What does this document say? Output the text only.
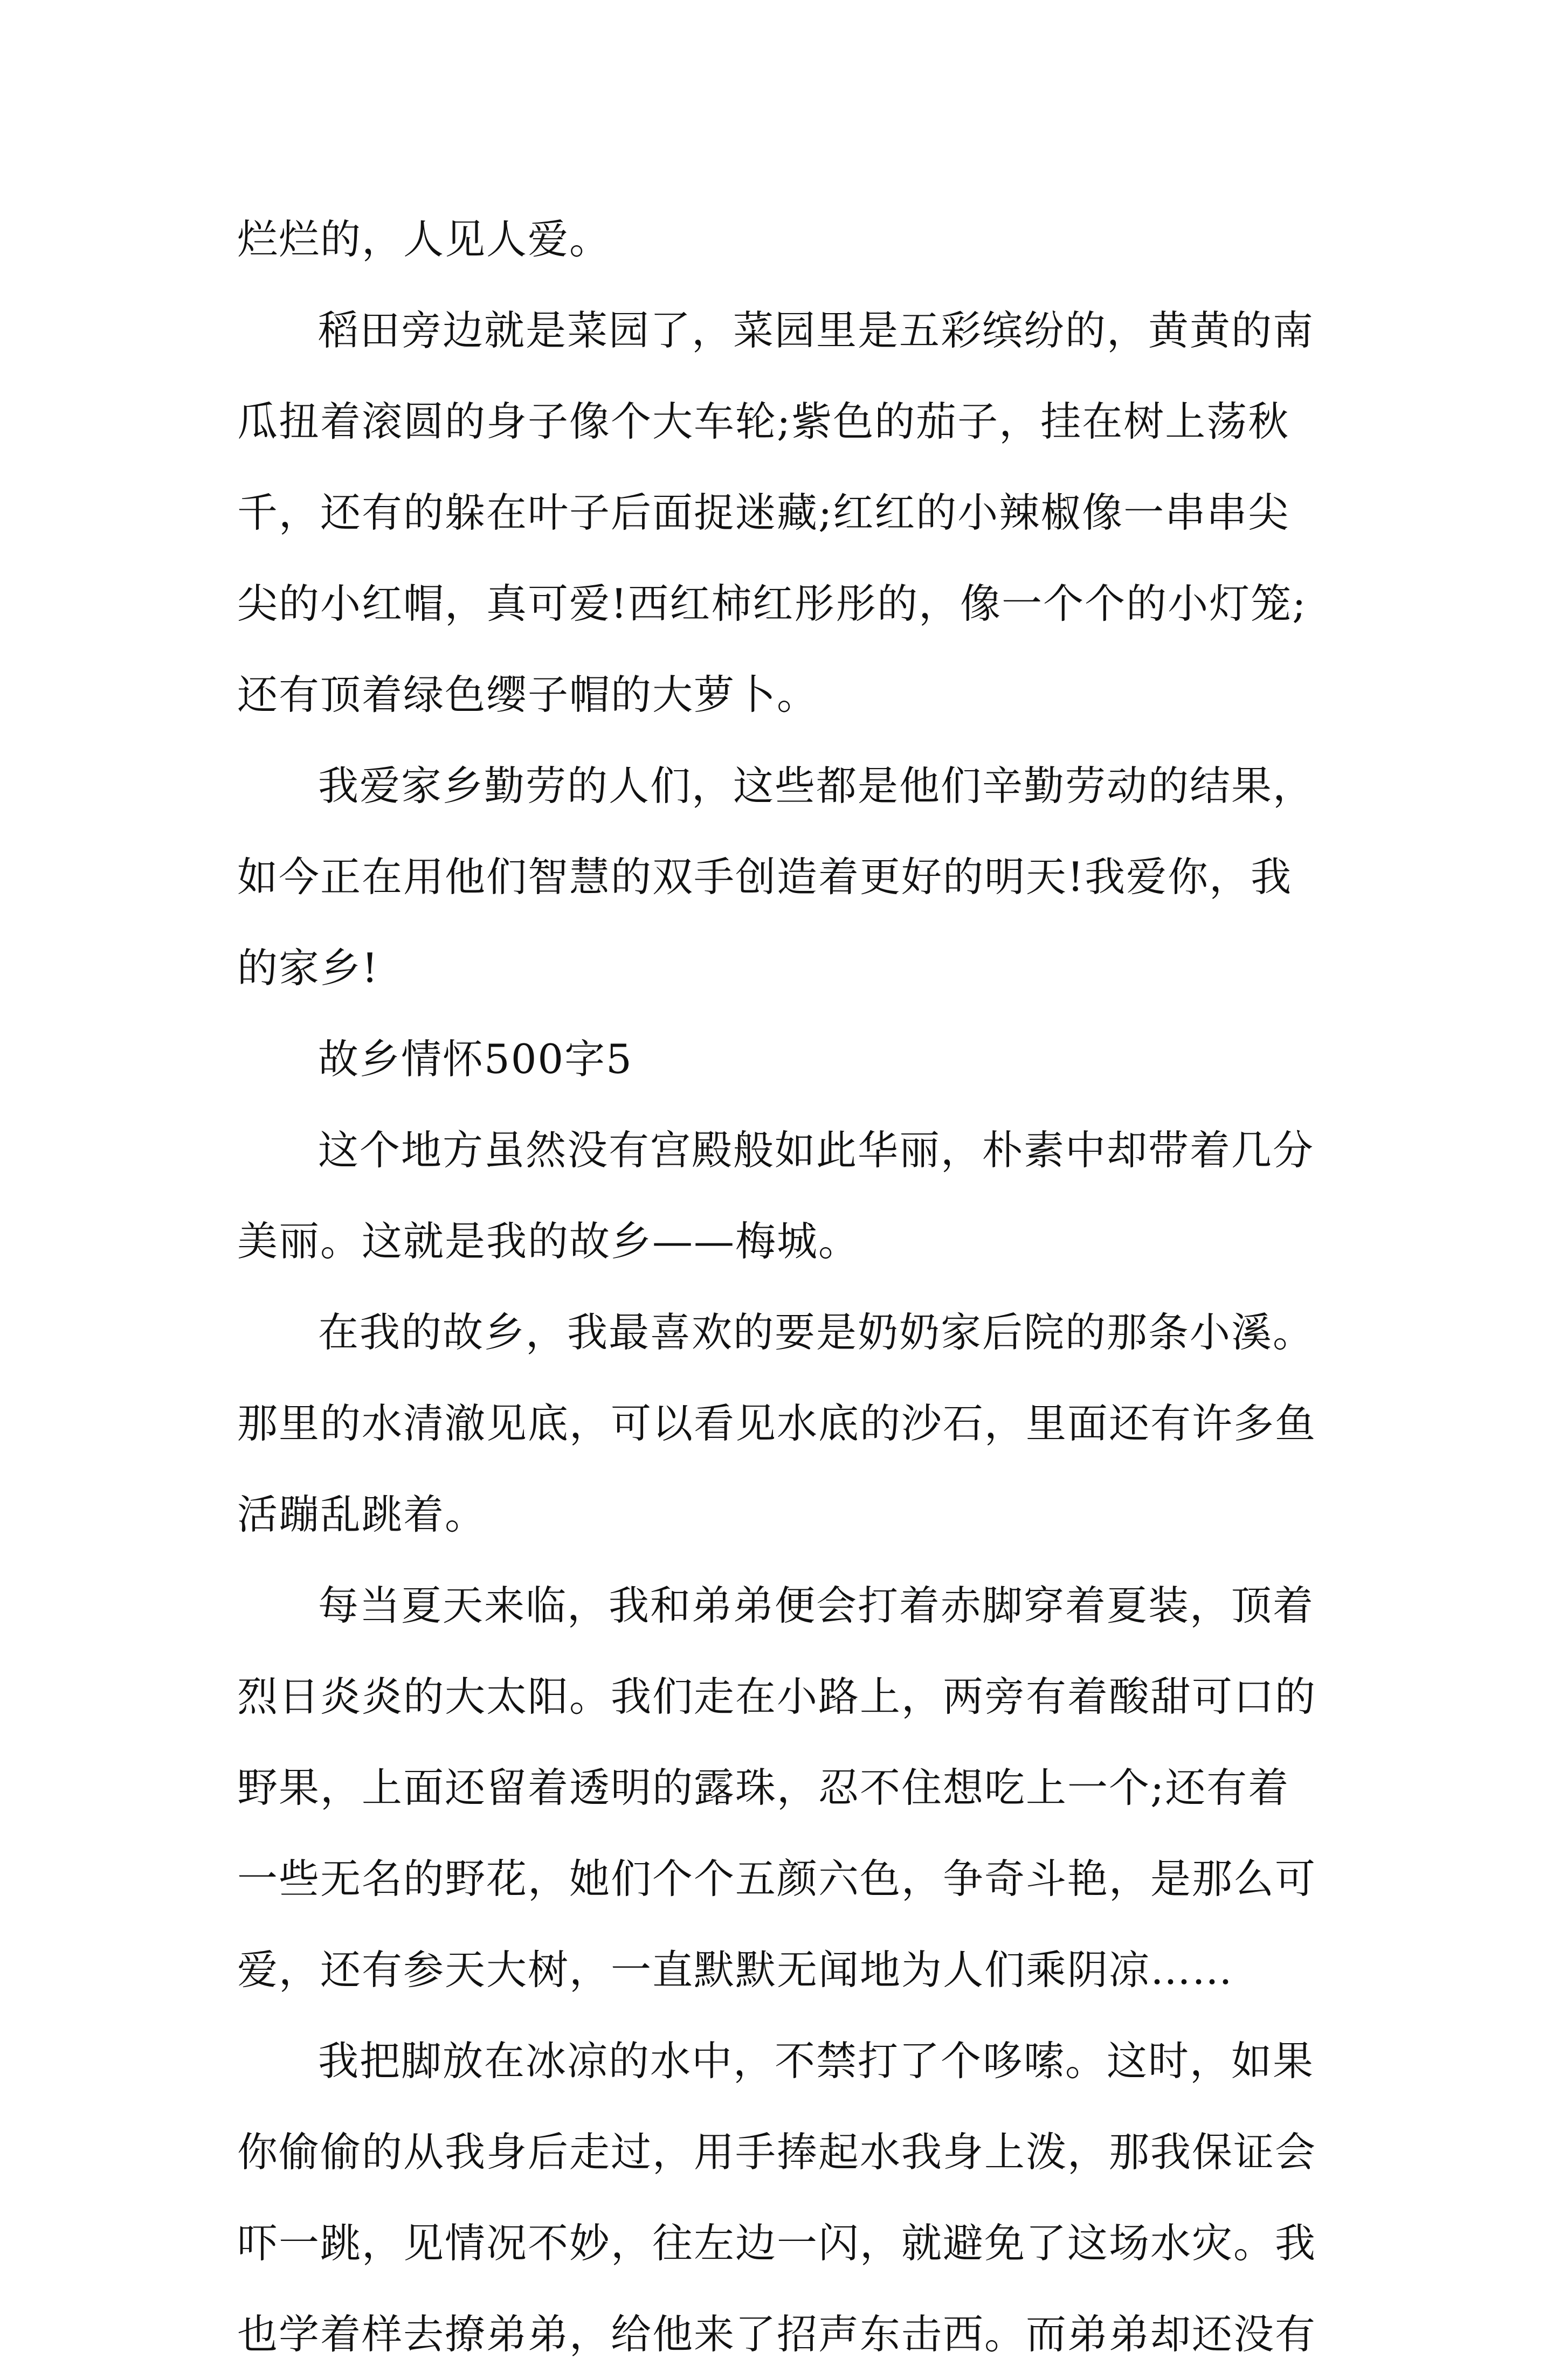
烂烂的，人见人爱。

稻田旁边就是菜园了，菜园里是五彩缤纷的，黄黄的南瓜扭着滚圆的身子像个大车轮;紫色的茄子，挂在树上荡秋千，还有的躲在叶子后面捉迷藏;红红的小辣椒像一串串尖尖的小红帽，真可爱!西红柿红彤彤的，像一个个的小灯笼;还有顶着绿色缨子帽的大萝卜。

我爱家乡勤劳的人们，这些都是他们辛勤劳动的结果，如今正在用他们智慧的双手创造着更好的明天!我爱你，我的家乡!

故乡情怀500字5

这个地方虽然没有宫殿般如此华丽，朴素中却带着几分美丽。这就是我的故乡——梅城。

在我的故乡，我最喜欢的要是奶奶家后院的那条小溪。那里的水清澈见底，可以看见水底的沙石，里面还有许多鱼活蹦乱跳着。

每当夏天来临，我和弟弟便会打着赤脚穿着夏装，顶着烈日炎炎的大太阳。我们走在小路上，两旁有着酸甜可口的野果，上面还留着透明的露珠，忍不住想吃上一个;还有着一些无名的野花，她们个个五颜六色，争奇斗艳，是那么可爱，还有参天大树，一直默默无闻地为人们乘阴凉……

我把脚放在冰凉的水中，不禁打了个哆嗦。这时，如果你偷偷的从我身后走过，用手捧起水我身上泼，那我保证会吓一跳，见情况不妙，往左边一闪，就避免了这场水灾。我也学着样去撩弟弟，给他来了招声东击西。而弟弟却还没有
